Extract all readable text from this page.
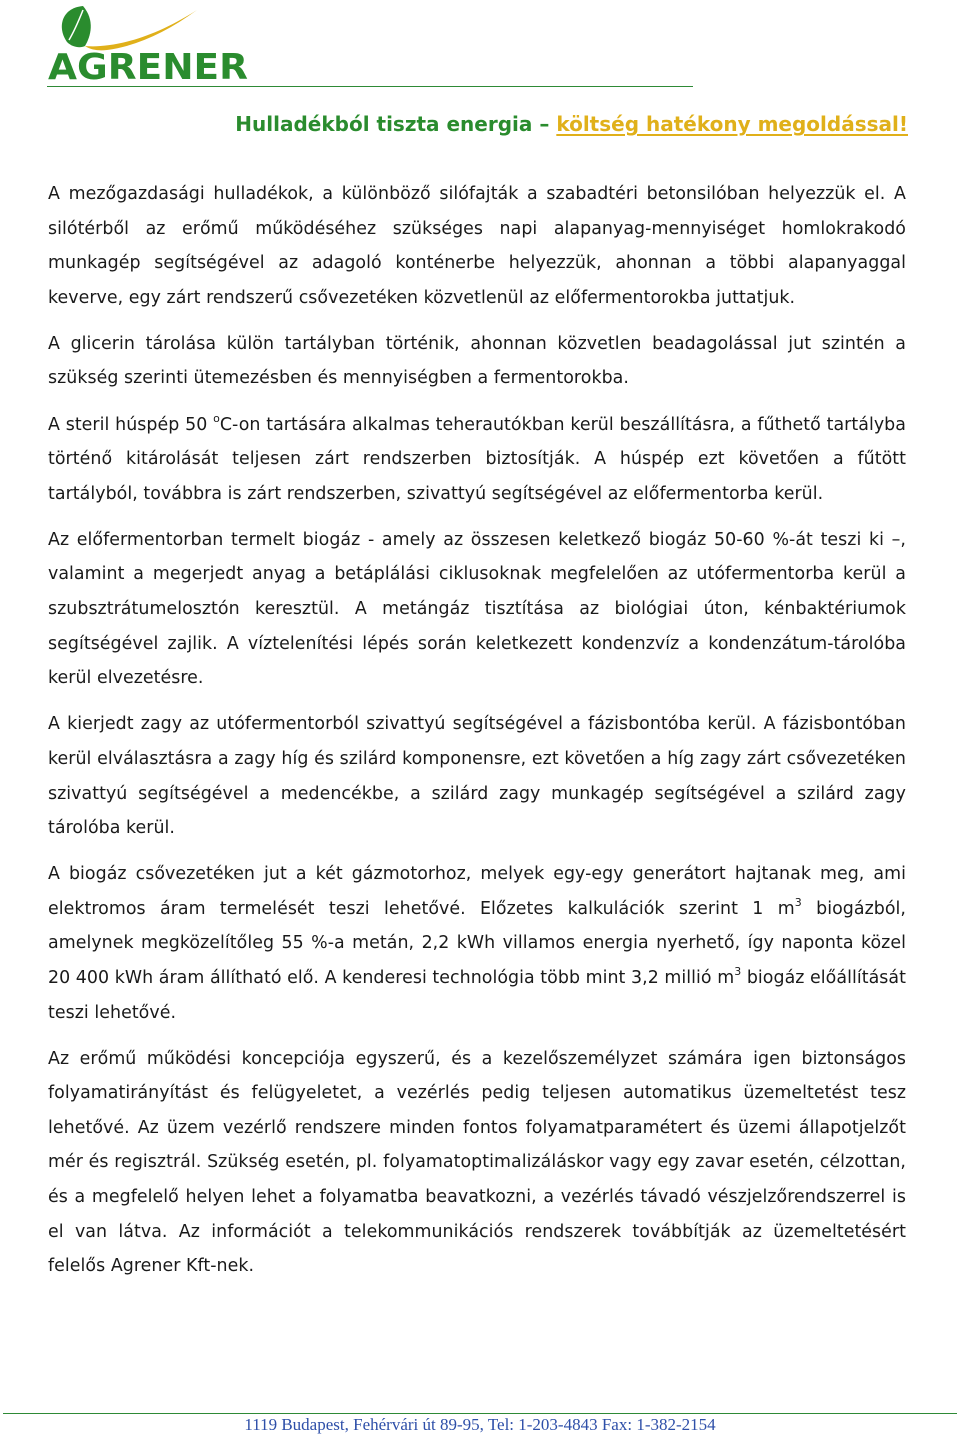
AGRENER
Hulladékból tiszta energia – költség hatékony megoldással!

A mezőgazdasági hulladékok, a különböző silófajták a szabadtéri betonsilóban helyezzük el. A silótérből az erőmű működéséhez szükséges napi alapanyag-mennyiséget homlokrakodó munkagép segítségével az adagoló konténerbe helyezzük, ahonnan a többi alapanyaggal keverve, egy zárt rendszerű csővezetéken közvetlenül az előfermentorokba juttatjuk.

A glicerin tárolása külön tartályban történik, ahonnan közvetlen beadagolással jut szintén a szükség szerinti ütemezésben és mennyiségben a fermentorokba.

A steril húspép 50 $^o$C-on tartására alkalmas teherautókban kerül beszállításra, a fűthető tartályba történő kitárolását teljesen zárt rendszerben biztosítják. A húspép ezt követően a fűtött tartályból, továbbra is zárt rendszerben, szivattyú segítségével az előfermentorba kerül.

Az előfermentorban termelt biogáz - amely az összesen keletkező biogáz 50-60 %-át teszi ki –, valamint a megerjedt anyag a betáplálási ciklusoknak megfelelően az utófermentorba kerül a szubsztrátumelosztón keresztül. A metángáz tisztítása az biológiai úton, kénbaktériumok segítségével zajlik. A víztelenítési lépés során keletkezett kondenzvíz a kondenzátum-tárolóba kerül elvezetésre.

A kierjedt zagy az utófermentorból szivattyú segítségével a fázisbontóba kerül. A fázisbontóban kerül elválasztásra a zagy híg és szilárd komponensre, ezt követően a híg zagy zárt csővezetéken szivattyú segítségével a medencékbe, a szilárd zagy munkagép segítségével a szilárd zagy tárolóba kerül.

A biogáz csővezetéken jut a két gázmotorhoz, melyek egy-egy generátort hajtanak meg, ami elektromos áram termelését teszi lehetővé. Előzetes kalkulációk szerint 1 $m^3$ biogázból, amelynek megközelítőleg 55 %-a metán, 2,2 kWh villamos energia nyerhető, így naponta közel 20 400 kWh áram állítható elő. A kenderesi technológia több mint 3,2 millió $m^3$ biogáz előállítását teszi lehetővé.

Az erőmű működési koncepciója egyszerű, és a kezelőszemélyzet számára igen biztonságos folyamatirányítást és felügyeletet, a vezérlés pedig teljesen automatikus üzemeltetést tesz lehetővé. Az üzem vezérlő rendszere minden fontos folyamatparamétert és üzemi állapotjelzőt mér és regisztrál. Szükség esetén, pl. folyamatoptimalizáláskor vagy egy zavar esetén, célzottan, és a megfelelő helyen lehet a folyamatba beavatkozni, a vezérlés távadó vészjelzőrendszerrel is el van látva. Az információt a telekommunikációs rendszerek továbbítják az üzemeltetésért felelős Agrener Kft-nek.

1119 Budapest, Fehérvári út 89-95, Tel: 1-203-4843 Fax: 1-382-2154
